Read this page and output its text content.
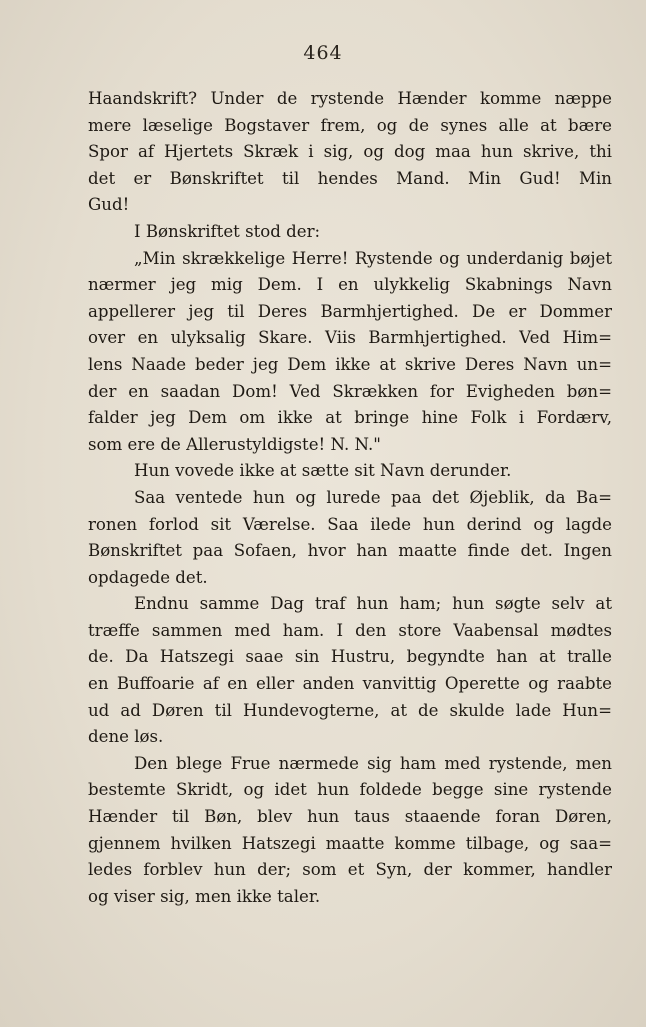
464
Haandskrift? Under de rystende Hænder komme næppe
mere læselige Bogstaver frem, og de synes alle at bære
Spor af Hjertets Skræk i sig, og dog maa hun skrive, thi
det er Bønskriftet til hendes Mand. Min Gud! Min
Gud!
I Bønskriftet stod der:
„Min skrækkelige Herre! Rystende og underdanig bøjet
nærmer jeg mig Dem. I en ulykkelig Skabnings Navn
appellerer jeg til Deres Barmhjertighed. De er Dommer
over en ulyksalig Skare. Viis Barmhjertighed. Ved Him=
lens Naade beder jeg Dem ikke at skrive Deres Navn un=
der en saadan Dom! Ved Skrækken for Evigheden bøn=
falder jeg Dem om ikke at bringe hine Folk i Fordærv,
som ere de Allerustyldigste! N. N."
Hun vovede ikke at sætte sit Navn derunder.
Saa ventede hun og lurede paa det Øjeblik, da Ba=
ronen forlod sit Værelse. Saa ilede hun derind og lagde
Bønskriftet paa Sofaen, hvor han maatte finde det. Ingen
opdagede det.
Endnu samme Dag traf hun ham; hun søgte selv at
træffe sammen med ham. I den store Vaabensal mødtes
de. Da Hatszegi saae sin Hustru, begyndte han at tralle
en Buffoarie af en eller anden vanvittig Operette og raabte
ud ad Døren til Hundevogterne, at de skulde lade Hun=
dene løs.
Den blege Frue nærmede sig ham med rystende, men
bestemte Skridt, og idet hun foldede begge sine rystende
Hænder til Bøn, blev hun taus staaende foran Døren,
gjennem hvilken Hatszegi maatte komme tilbage, og saa=
ledes forblev hun der; som et Syn, der kommer, handler
og viser sig, men ikke taler.
